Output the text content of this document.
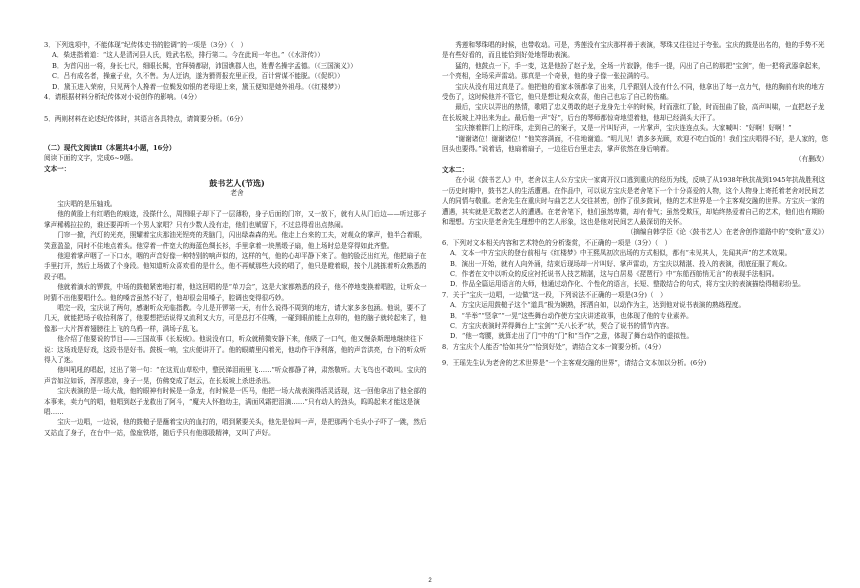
3．下列选项中，不能体现“纪传体史书的腔调”的一项是（3分）（　）

A．柴进指着道：“这人是清河县人氏，姓武名松，排行第二。今在此间一年也。”（《水浒传》）

B．为首闪出一将，身长七尺，细眼长髯，官拜骑都尉，沛国谯郡人也，姓曹名操字孟德。（《三国演义》）

C．吕有成名者，操童子业，久不售。为人迂讷，遂为猾胥报充里正役，百计营谋不能脱。（《促织》）

D．黛玉进入荣府，只见两个人搀着一位鬓发如银的老母迎上来，黛玉便知是她外祖母。（《红楼梦》）

4．请根据材料分析纪传体对小说创作的影响。（4分）

5．两则材料在论述纪传体时，其语言各具特点，请简要分析。（6分）

（二）现代文阅读Ⅱ（本题共4小题，16分）

阅读下面的文字，完成6~9题。

文本一：

鼓书艺人(节选)

老舍

宝庆唱的是压轴戏。

他的黄脸上有红晒色的痕迹，没搽什么，周围眼子却下了一层薄粉，身子后面的门帘，又一放下，就有人从门后边——听过那子掌声稀稀拉拉的，谁还要再听一个男人家唱？只有少数人没有走，他们也赋留下，不过总得看出点热闹。

门帘一掀，汽灯的光亮，照耀着宝庆那油光锃亮的秃脑门，闪出绿森森的光。他走上台来的工夫，对观众的掌声，他半合着眼，笑意盈盈，同时不住地点着头。他穿着一件宽大的海蓝色绸长衫，手里拿着一块黑缎子扇，他上场时总是穿得如此齐整。

他迎着掌声咽了一下口水，咽的声音好像一种特别的响声似的，这样的气，他的心却平静下来了。他的脸泛出红光，他把扇子在手里打开，然后上场做了个身段。他知道听众喜欢看的是什么，他不再赋那些大段的唱了，他只是瞪着眼，按个儿挑拣着听众熟悉的段子唱。

他就着滴水的锣鼓，中场的鼓槌紧密地打着，他这回唱的是“单刀会”，这是大家都熟悉的段子，他不停地变换着唱腔，让听众一时猜不出他要唱什么。他的嗓音虽然不好了，他却很会用嗓子，腔调也变得很巧妙。

唱完一段，宝庆说了两句，感谢听众光临指教。今儿是开锣第一天，有什么说得不周到的地方，请大家多多包涵。他说，要不了几天，就能把场子收拾利落了，他要想把话说得又流利又大方，可是总打不住嘴，一碰到眼前能上点卯的，他的脑子就转起来了，他像那一大片挥着翅膀往上飞的乌鸦一样，满场子乱飞。

他介绍了他要说的节目——三国故事《长坂坡》。他说没有口，听众就稍微安静下来，他吸了一口气，他又慢条斯理地继续往下说：这场戏是好戏，这段书是好书。鼓板一响，宝庆便讲开了。他的眼睛里闪着光，他动作干净利落，他的声音洪亮，台下的听众听得入了迷。

他叫吼吼的唱起，过出了第一句：“在这荒山草松中，整民涕泪雨里飞……”听众都静了神，肃然敬听。大飞鸟也不敢叫。宝庆的声音如泣如诉，浑厚悲凉，身子一晃，仿佛变成了赵云，在长坂坡上杀进杀出。

宝庆表演的是一场大战，他的眼神有时候是一条龙，有时候是一匹马，他把一场大战表演得活灵活现，这一回他拿出了他全部的本事来，卖力气的唱，他唱到赵子龙救出了阿斗，“魔夫人怀抱幼主，满面风霜把泪滴……”只有动人的劲头，呜呜起来才能这是演唱……

宝庆一边唱，一边说，他的鼓槌子是蘸着宝庆的血打的，唱到紧要关头，他先是惊叫一声，是把那两个毛头小子吓了一跳，然后又站直了身子，在台中一站，像座铁塔，随后乎只有他那股精神，又叫了声好。

秀莲和琴珠唱的时候，也带收动。可是，秀莲没有宝庆那样善于表演，琴珠又往往过于夸张。宝庆的鼓是出名的，他的手势不光是有些好看的，而且能恰到好处地帮助表演。

猛的，他鼓点一下，手一变，这是他扮了赵子龙，全场一片寂静，他手一提，闪出了自己的那把“宝剑”，他一把将武器拿起来，一个亮相，全场采声雷动。那真是一个奇景，他的身子像一张拉满的弓。

宝庆从没有用过真是了。他把他的看家本领都拿了出来，几乎跟别人没有什么不同，他拿出了每一点力气，他的胸前有块的地方受伤了，这时候他并不管它，他只是想让观众欢喜，他自己也忘了自己的伤痛。

最后，宝庆以弄出的热情，歌唱了忠义勇敢的赵子龙身先士卒的时候，时而涨红了脸，时而扭曲了脸，高声叫啸，一直把赵子龙在长坂坡上冲出来为止。最后他一声“好”，后台的琴师都惊奇地望着他，他却已经满头大汗了。

宝庆擦着胖门上的汗珠，走到自己的案子，又是一片叫好声，一片掌声，宝庆连连点头。大家喊叫：“好啊！好啊！”

“谢谢诸位！谢谢诸位！”他笑容满面，不住地谢道。“明儿见！请多多光顾，欢迎不吃白饭的！我们宝庆唱得不好，是人家的，您回头也要得。”说着话，他扇着扇子，一边往后台里走去，掌声依然在身后响着。

（有删改）

文本二：

在小说《鼓书艺人》中，老舍以主人公方宝庆一家离开汉口逃到重庆的经历为线，反映了从1938年秋抗战到1945年抗战胜利这一历史时期中，鼓书艺人的生活遭遇。在作品中，可以说方宝庆是老舍笔下一个十分喜爱的人物，这个人物身上寄托着老舍对民间艺人的同情与敬重。老舍先生在重庆时与曲艺艺人交往甚密，创作了很多鼓词，他的艺术世界是一个主客观交融的世界。方宝庆一家的遭遇，其实就是无数老艺人的遭遇。在老舍笔下，他们虽然卑微，却有骨气；虽然受欺压，却始终热爱着自己的艺术，他们也有期盼和理想。方宝庆是老舍先生理想中的艺人形象，这也是他对民间艺人最深切的关怀。

（摘编自韩学臣《论〈鼓书艺人〉在老舍创作道路中的“变轨”意义》）

6．下列对文本相关内容和艺术特色的分析鉴赏，不正确的一项是（3分）（　）

A．文本一中方宝庆的登台前相与《红楼梦》中王熙凤初次出场的方式相似，都有“未见其人，先闻其声”的艺术效果。

B．演出一开始，就有人向外涌，结束后现场却一片叫好、掌声雷动，方宝庆以精湛、投入的表演，彻底征服了观众。

C．作者在文中以听众的反应衬托说书人技艺精湛，这与白居易《琵琶行》中“东船西舫悄无言”的表现手法相同。

D．作品全篇运用语言的大师，他通过动作化、个性化的语言，长短、整散结合的句式，将方宝庆的表演描绘得精彩纷呈。

7．关于“宝庆一边唱，一边做”这一段，下列说法不正确的一项是(3分)（　）

A．方宝庆运用鼓槌子这个“道具”极为娴熟，挥洒自如，以动作为主，达到他对说书表演的熟练程度。

B．“半举”“竖拿”“一晃”这些舞台动作使方宝庆讲述故事，也体现了他的专业素养。

C．方宝庆表演时弄得舞台上“宝剑”“关八长矛”状，契合了说书的情节内容。

D．“他一弯腰，就算走出了门”中的“门”和“当作”之意，体现了舞台动作的虚拟性。

8．方宝庆个人能否“恰如其分”“恰到好处”，请结合文本一简要分析。（4分）

9．王瑶先生认为老舍的艺术世界是“一个主客观交融的世界”，请结合文本加以分析。(6分)

2
